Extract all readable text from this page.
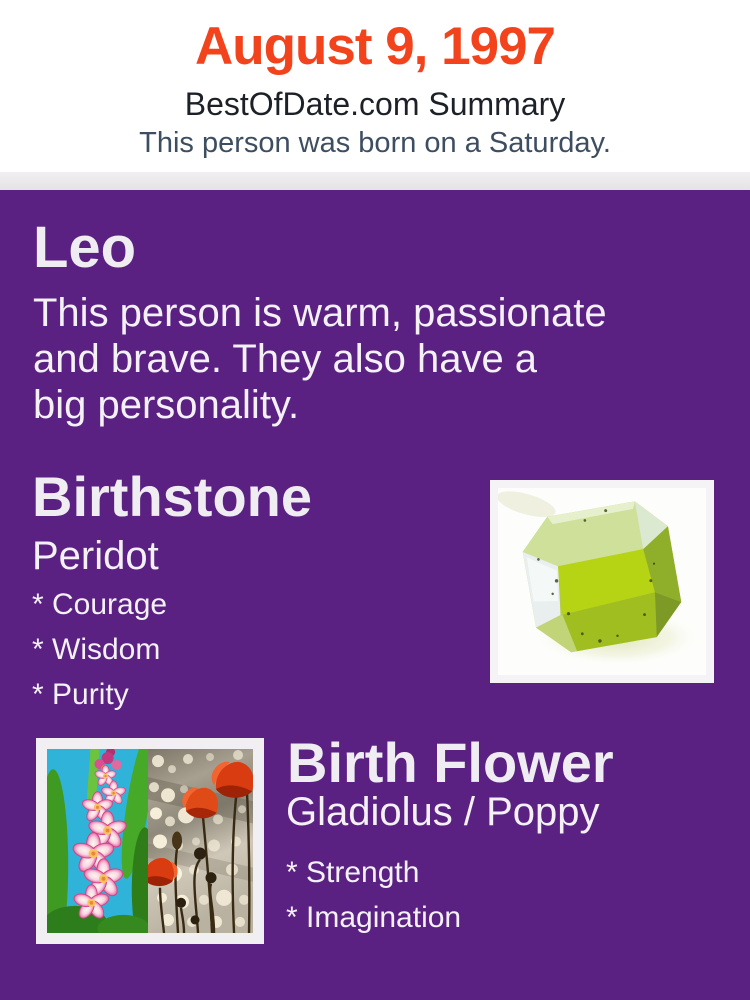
August 9, 1997
BestOfDate.com Summary
This person was born on a Saturday.
Leo
This person is warm, passionate
and brave. They also have a
big personality.
Birthstone
Peridot
* Courage
* Wisdom
* Purity
Birth Flower
Gladiolus / Poppy
* Strength
* Imagination
